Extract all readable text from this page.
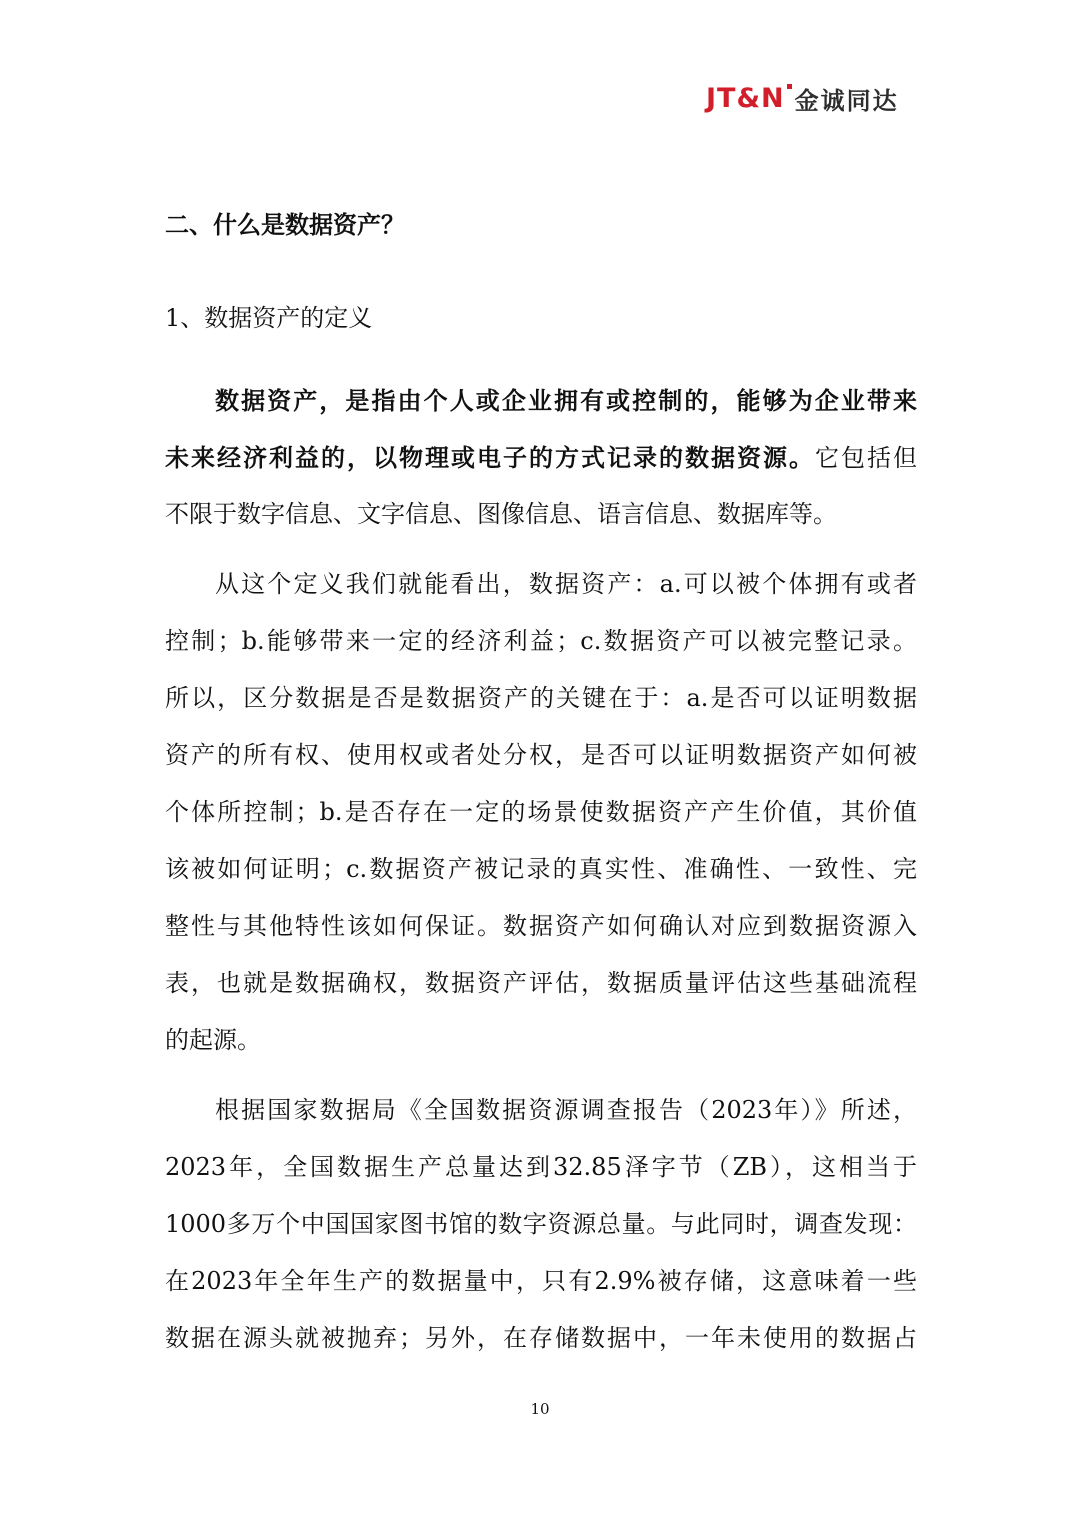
JT&N 金诚同达
二、什么是数据资产？
1、数据资产的定义
数据资产，是指由个人或企业拥有或控制的，能够为企业带来
未来经济利益的，以物理或电子的方式记录的数据资源。它包括但
不限于数字信息、文字信息、图像信息、语言信息、数据库等。
从这个定义我们就能看出，数据资产：a.可以被个体拥有或者
控制；b.能够带来一定的经济利益；c.数据资产可以被完整记录。
所以，区分数据是否是数据资产的关键在于：a.是否可以证明数据
资产的所有权、使用权或者处分权，是否可以证明数据资产如何被
个体所控制；b.是否存在一定的场景使数据资产产生价值，其价值
该被如何证明；c.数据资产被记录的真实性、准确性、一致性、完
整性与其他特性该如何保证。数据资产如何确认对应到数据资源入
表，也就是数据确权，数据资产评估，数据质量评估这些基础流程
的起源。
根据国家数据局《全国数据资源调查报告（2023年）》所述，
2023年，全国数据生产总量达到32.85泽字节（ZB），这相当于
1000多万个中国国家图书馆的数字资源总量。与此同时，调查发现：
在2023年全年生产的数据量中，只有2.9%被存储，这意味着一些
数据在源头就被抛弃；另外，在存储数据中，一年未使用的数据占
10
